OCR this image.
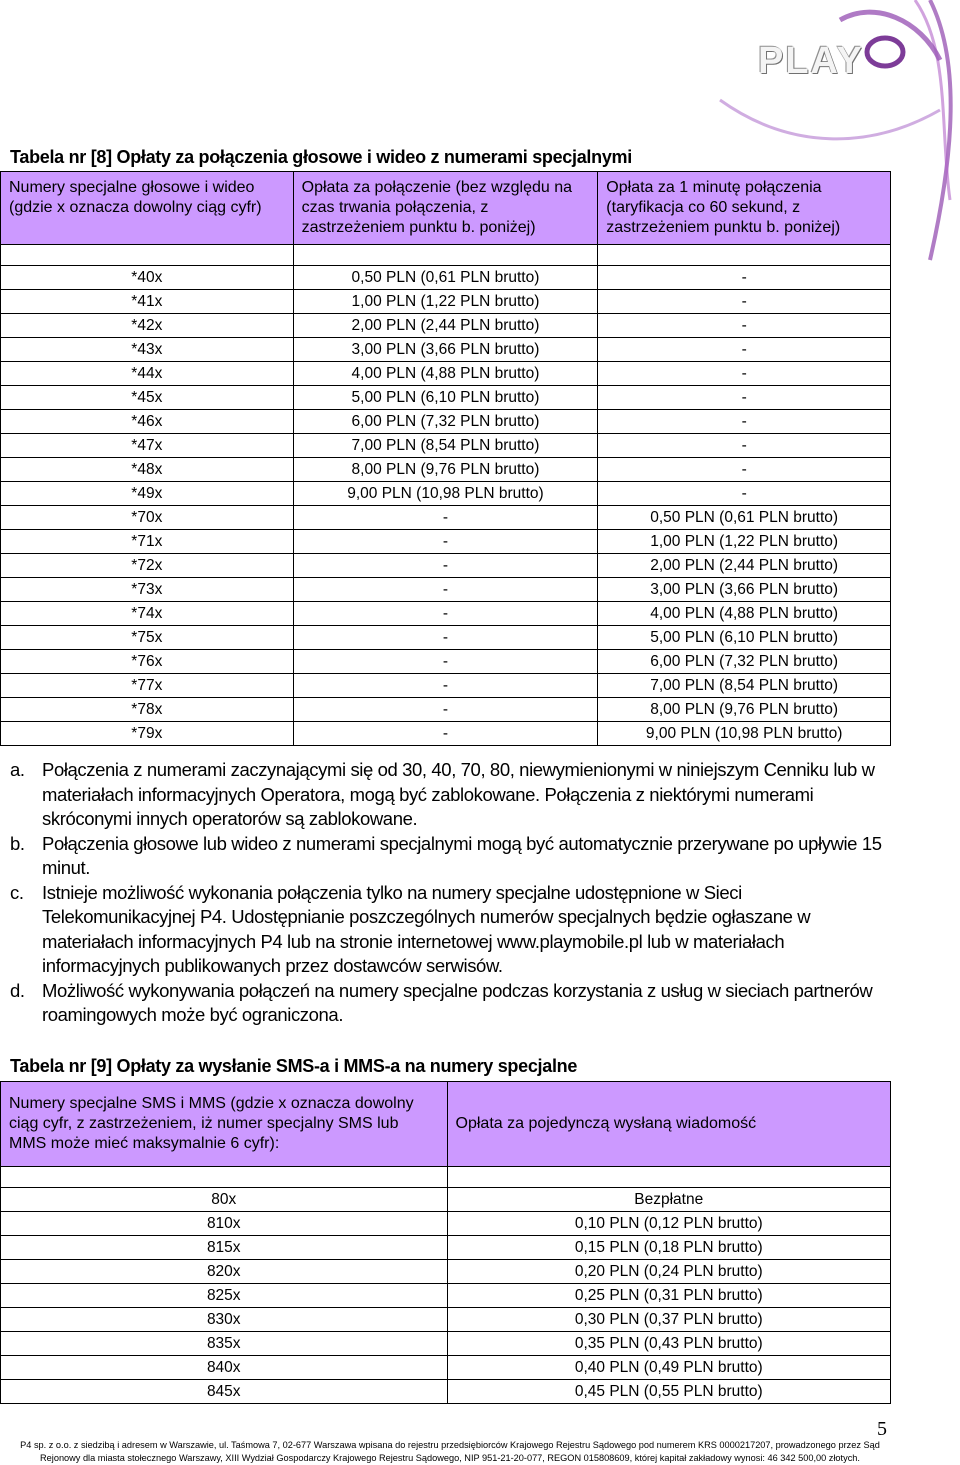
PLAY
Tabela nr [8] Opłaty za połączenia głosowe i wideo z numerami specjalnymi
Numery specjalne głosowe i wideo (gdzie x oznacza dowolny ciąg cyfr)	Opłata za połączenie (bez względu na czas trwania połączenia, z zastrzeżeniem punktu b. poniżej)	Opłata za 1 minutę połączenia (taryfikacja co 60 sekund, z zastrzeżeniem punktu b. poniżej)

*40x	0,50 PLN (0,61 PLN brutto)	-
*41x	1,00 PLN (1,22 PLN brutto)	-
*42x	2,00 PLN (2,44 PLN brutto)	-
*43x	3,00 PLN (3,66 PLN brutto)	-
*44x	4,00 PLN (4,88 PLN brutto)	-
*45x	5,00 PLN (6,10 PLN brutto)	-
*46x	6,00 PLN (7,32 PLN brutto)	-
*47x	7,00 PLN (8,54 PLN brutto)	-
*48x	8,00 PLN (9,76 PLN brutto)	-
*49x	9,00 PLN (10,98 PLN brutto)	-
*70x	-	0,50 PLN (0,61 PLN brutto)
*71x	-	1,00 PLN (1,22 PLN brutto)
*72x	-	2,00 PLN (2,44 PLN brutto)
*73x	-	3,00 PLN (3,66 PLN brutto)
*74x	-	4,00 PLN (4,88 PLN brutto)
*75x	-	5,00 PLN (6,10 PLN brutto)
*76x	-	6,00 PLN (7,32 PLN brutto)
*77x	-	7,00 PLN (8,54 PLN brutto)
*78x	-	8,00 PLN (9,76 PLN brutto)
*79x	-	9,00 PLN (10,98 PLN brutto)
a. Połączenia z numerami zaczynającymi się od 30, 40, 70, 80, niewymienionymi w niniejszym Cenniku lub w materiałach informacyjnych Operatora, mogą być zablokowane. Połączenia z niektórymi numerami skróconymi innych operatorów są zablokowane.
b. Połączenia głosowe lub wideo z numerami specjalnymi mogą być automatycznie przerywane po upływie 15 minut.
c. Istnieje możliwość wykonania połączenia tylko na numery specjalne udostępnione w Sieci Telekomunikacyjnej P4. Udostępnianie poszczególnych numerów specjalnych będzie ogłaszane w materiałach informacyjnych P4 lub na stronie internetowej www.playmobile.pl lub w materiałach informacyjnych publikowanych przez dostawców serwisów.
d. Możliwość wykonywania połączeń na numery specjalne podczas korzystania z usług w sieciach partnerów roamingowych może być ograniczona.
Tabela nr [9] Opłaty za wysłanie SMS-a i MMS-a na numery specjalne
Numery specjalne SMS i MMS (gdzie x oznacza dowolny ciąg cyfr, z zastrzeżeniem, iż numer specjalny SMS lub MMS może mieć maksymalnie 6 cyfr):	Opłata za pojedynczą wysłaną wiadomość

80x	Bezpłatne
810x	0,10 PLN (0,12 PLN brutto)
815x	0,15 PLN (0,18 PLN brutto)
820x	0,20 PLN (0,24 PLN brutto)
825x	0,25 PLN (0,31 PLN brutto)
830x	0,30 PLN (0,37 PLN brutto)
835x	0,35 PLN (0,43 PLN brutto)
840x	0,40 PLN (0,49 PLN brutto)
845x	0,45 PLN (0,55 PLN brutto)
5
P4 sp. z o.o. z siedzibą i adresem w Warszawie, ul. Taśmowa 7, 02-677 Warszawa wpisana do rejestru przedsiębiorców Krajowego Rejestru Sądowego pod numerem KRS 0000217207, prowadzonego przez Sąd
Rejonowy dla miasta stołecznego Warszawy, XIII Wydział Gospodarczy Krajowego Rejestru Sądowego, NIP 951-21-20-077, REGON 015808609, której kapitał zakładowy wynosi: 46 342 500,00 złotych.
